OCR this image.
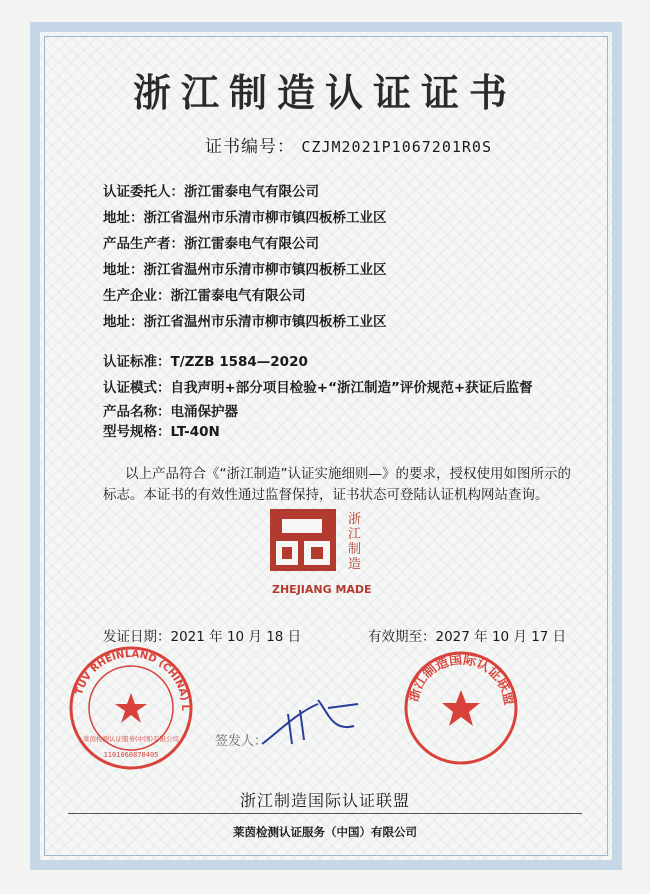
浙江制造认证证书
证书编号： CZJM2021P1067201R0S
认证委托人：浙江雷泰电气有限公司
地址：浙江省温州市乐清市柳市镇四板桥工业区
产品生产者：浙江雷泰电气有限公司
地址：浙江省温州市乐清市柳市镇四板桥工业区
生产企业：浙江雷泰电气有限公司
地址：浙江省温州市乐清市柳市镇四板桥工业区
认证标准：T/ZZB 1584—2020
认证模式：自我声明+部分项目检验+“浙江制造”评价规范+获证后监督
产品名称：电涌保护器
型号规格：LT-40N
以上产品符合《“浙江制造”认证实施细则—》的要求，授权使用如图所示的标志。本证书的有效性通过监督保持，证书状态可登陆认证机构网站查询。
浙江制造
ZHEJIANG MADE
发证日期：2021 年 10 月 18 日	有效期至：2027 年 10 月 17 日
TÜV RHEINLAND (CHINA) L
莱茵检测认证服务(中国)有限公司
1101060870405
浙江制造国际认证联盟
签发人：
浙江制造国际认证联盟
莱茵检测认证服务（中国）有限公司
